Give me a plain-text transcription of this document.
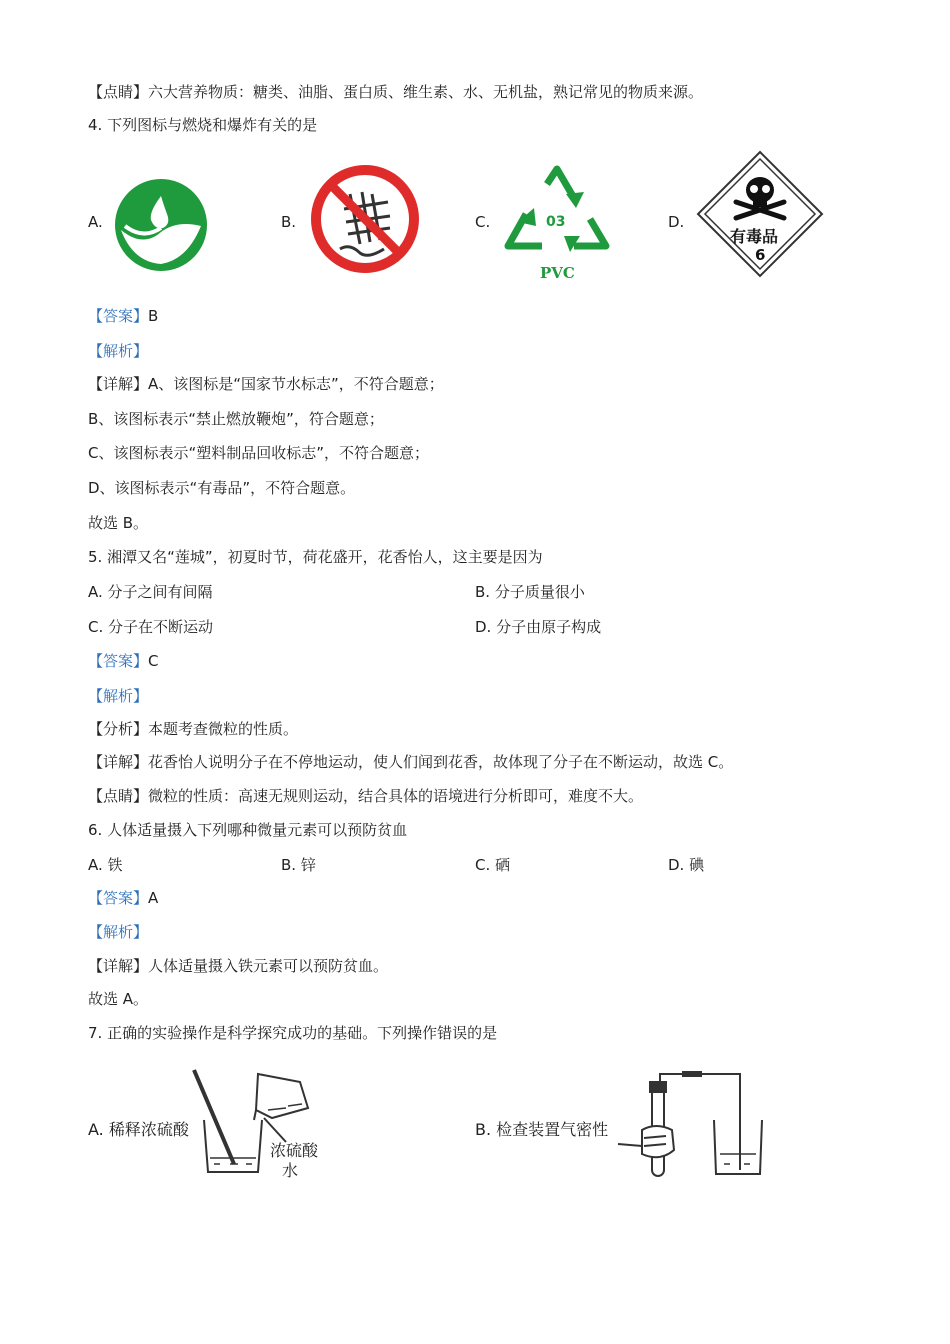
【点睛】六大营养物质：糖类、油脂、蛋白质、维生素、水、无机盐，熟记常见的物质来源。
4. 下列图标与燃烧和爆炸有关的是
A.	B.	C.	03
PVC
D.
有毒品
6
【答案】B
【解析】
【详解】A、该图标是“国家节水标志”，不符合题意；
B、该图标表示“禁止燃放鞭炮”，符合题意；
C、该图标表示“塑料制品回收标志”，不符合题意；
D、该图标表示“有毒品”，不符合题意。
故选 B。
5. 湘潭又名“莲城”，初夏时节，荷花盛开，花香怡人，这主要是因为
A. 分子之间有间隔	B. 分子质量很小
C. 分子在不断运动	D. 分子由原子构成
【答案】C
【解析】
【分析】本题考查微粒的性质。
【详解】花香怡人说明分子在不停地运动，使人们闻到花香，故体现了分子在不断运动，故选 C。
【点睛】微粒的性质：高速无规则运动，结合具体的语境进行分析即可，难度不大。
6. 人体适量摄入下列哪种微量元素可以预防贫血
A. 铁	B. 锌	C. 硒	D. 碘
【答案】A
【解析】
【详解】人体适量摄入铁元素可以预防贫血。
故选 A。
7. 正确的实验操作是科学探究成功的基础。下列操作错误的是
A. 稀释浓硫酸
浓硫酸
水
B. 检查装置气密性
